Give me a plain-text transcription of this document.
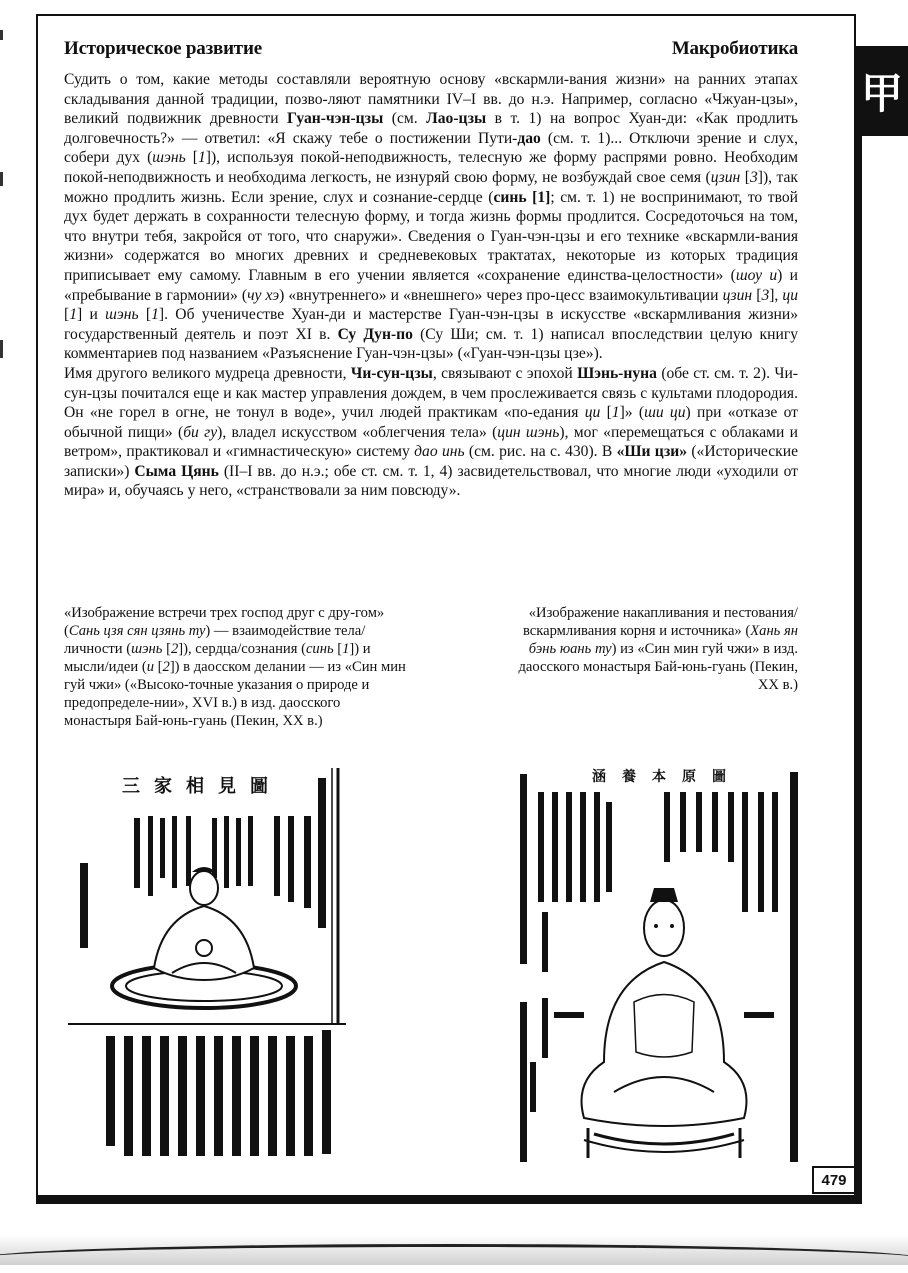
甲
Историческое развитие	Макробиотика

Судить о том, какие методы составляли вероятную основу «вскармли-вания жизни» на ранних этапах складывания данной традиции, позво-ляют памятники IV–I вв. до н.э. Например, согласно «Чжуан-цзы», великий подвижник древности Гуан-чэн-цзы (см. Лао-цзы в т. 1) на вопрос Хуан-ди: «Как продлить долговечность?» — ответил: «Я скажу тебе о постижении Пути-дао (см. т. 1)... Отключи зрение и слух, собери дух (шэнь [1]), используя покой-неподвижность, телесную же форму распрями ровно. Необходим покой-неподвижность и необходима легкость, не изнуряй свою форму, не возбуждай свое семя (цзин [3]), так можно продлить жизнь. Если зрение, слух и сознание-сердце (синь [1]; см. т. 1) не воспринимают, то твой дух будет держать в сохранности телесную форму, и тогда жизнь формы продлится. Сосредоточься на том, что внутри тебя, закройся от того, что снаружи». Сведения о Гуан-чэн-цзы и его технике «вскармли-вания жизни» содержатся во многих древних и средневековых трактатах, некоторые из которых традиция приписывает ему самому. Главным в его учении является «сохранение единства-целостности» (шоу и) и «пребывание в гармонии» (чу хэ) «внутреннего» и «внешнего» через про-цесс взаимокультивации цзин [3], ци [1] и шэнь [1]. Об ученичестве Хуан-ди и мастерстве Гуан-чэн-цзы в искусстве «вскармливания жизни» государственный деятель и поэт XI в. Су Дун-по (Су Ши; см. т. 1) написал впоследствии целую книгу комментариев под названием «Разъяснение Гуан-чэн-цзы» («Гуан-чэн-цзы цзе»).

Имя другого великого мудреца древности, Чи-сун-цзы, связывают с эпохой Шэнь-нуна (обе ст. см. т. 2). Чи-сун-цзы почитался еще и как мастер управления дождем, в чем прослеживается связь с культами плодородия. Он «не горел в огне, не тонул в воде», учил людей практикам «по-едания ци [1]» (ши ци) при «отказе от обычной пищи» (би гу), владел искусством «облегчения тела» (цин шэнь), мог «перемещаться с облаками и ветром», практиковал и «гимнастическую» систему дао инь (см. рис. на с. 430). В «Ши цзи» («Исторические записки») Сыма Цянь (II–I вв. до н.э.; обе ст. см. т. 1, 4) засвидетельствовал, что многие люди «уходили от мира» и, обучаясь у него, «странствовали за ним повсюду».

«Изображение встречи трех господ друг с дру-гом» (Сань цзя сян цзянь ту) — взаимодействие тела/личности (шэнь [2]), сердца/сознания (синь [1]) и мысли/идеи (и [2]) в даосском делании — из «Син мин гуй чжи» («Высоко-точные указания о природе и предопределе-нии», XVI в.) в изд. даосского монастыря Бай-юнь-гуань (Пекин, XX в.)
«Изображение накапливания и пестования/вскармливания корня и источника» (Хань ян бэнь юань ту) из «Син мин гуй чжи» в изд. даосского монастыря Бай-юнь-гуань (Пекин, XX в.)
三家相見圖	涵養本原圖
479
